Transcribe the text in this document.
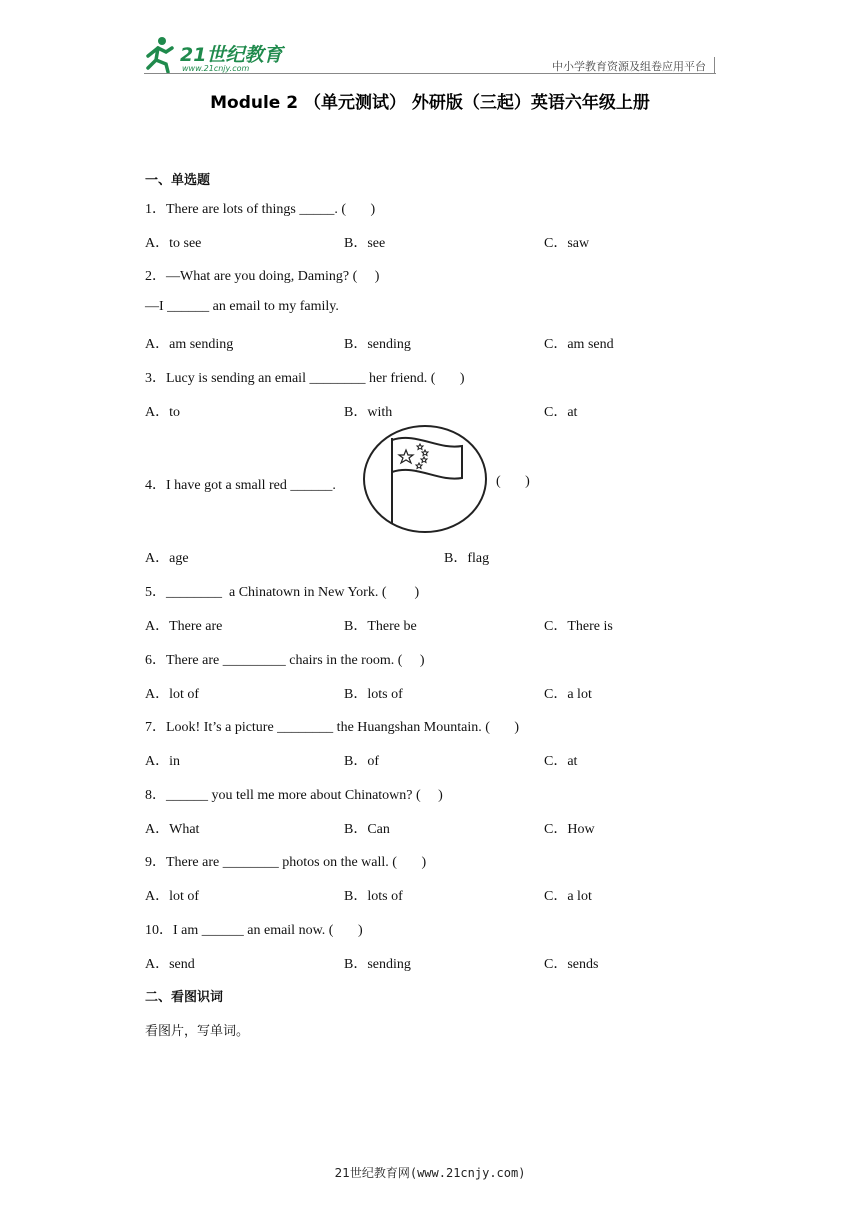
21世纪教育
www.21cnjy.com	中小学教育资源及组卷应用平台
Module 2 （单元测试） 外研版（三起）英语六年级上册
一、单选题
1．There are lots of things _____. (       )
A．to see	B．see	C．saw
2．—What are you doing, Daming? (     )
—I ______ an email to my family.
A．am sending	B．sending	C．am send
3．Lucy is sending an email ________ her friend. (       )
A．to	B．with	C．at
4．I have got a small red ______.	(       )
A．age	B．flag
5．________  a Chinatown in New York. (        )
A．There are	B．There be	C．There is
6．There are _________ chairs in the room. (     )
A．lot of	B．lots of	C．a lot
7．Look! It’s a picture ________ the Huangshan Mountain. (       )
A．in	B．of	C．at
8．______ you tell me more about Chinatown? (     )
A．What	B．Can	C．How
9．There are ________ photos on the wall. (       )
A．lot of	B．lots of	C．a lot
10．I am ______ an email now. (       )
A．send	B．sending	C．sends
二、看图识词
看图片，写单词。
21世纪教育网(www.21cnjy.com)
